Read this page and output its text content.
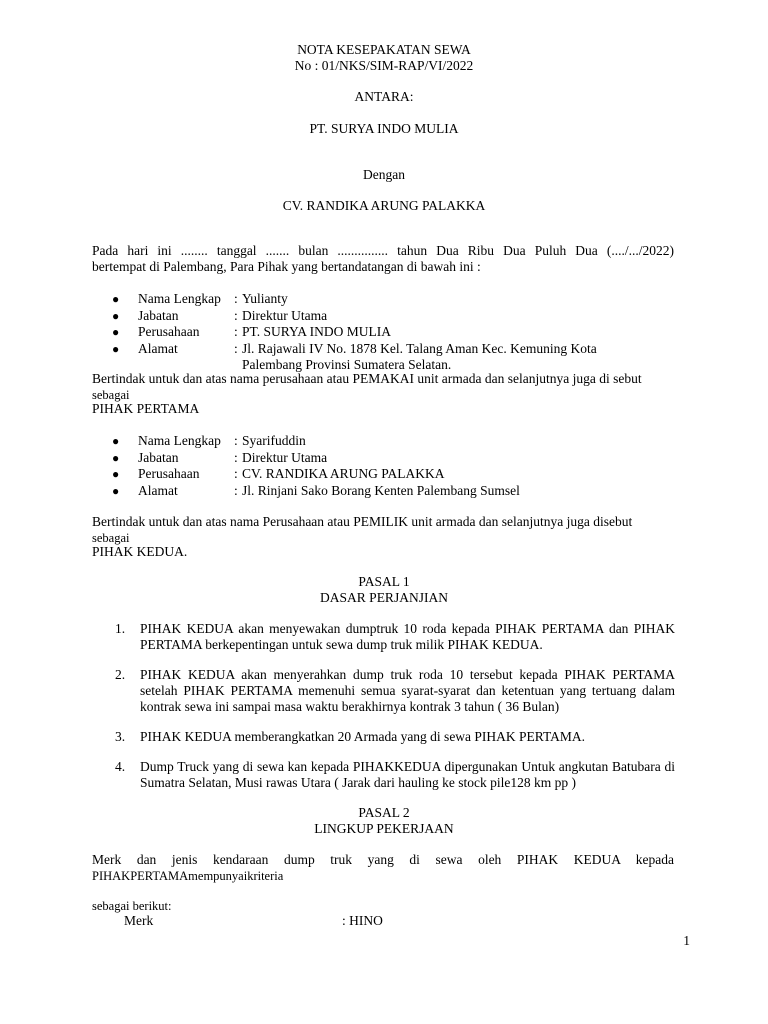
NOTA KESEPAKATAN SEWA
No : 01/NKS/SIM-RAP/VI/2022
ANTARA:
PT. SURYA INDO MULIA
Dengan
CV. RANDIKA ARUNG PALAKKA
Pada hari ini ........ tanggal ....... bulan ............... tahun Dua Ribu Dua Puluh Dua (..../.../2022)
bertempat di Palembang, Para Pihak yang bertandatangan di bawah ini :
●	Nama Lengkap : Yulianty
●	Jabatan	: Direktur Utama
●	Perusahaan	: PT. SURYA INDO MULIA
●	Alamat	: Jl. Rajawali IV No. 1878 Kel. Talang Aman Kec. Kemuning Kota Palembang Provinsi Sumatera Selatan.
Bertindak untuk dan atas nama perusahaan atau PEMAKAI unit armada dan selanjutnya juga di sebut
sebagai
PIHAK PERTAMA
●	Nama Lengkap : Syarifuddin
●	Jabatan	: Direktur Utama
●	Perusahaan	: CV. RANDIKA ARUNG PALAKKA
●	Alamat	: Jl. Rinjani Sako Borang Kenten Palembang Sumsel
Bertindak untuk dan atas nama Perusahaan atau PEMILIK unit armada dan selanjutnya juga disebut
sebagai
PIHAK KEDUA.
PASAL 1
DASAR PERJANJIAN
1.	PIHAK KEDUA akan menyewakan dumptruk 10 roda kepada PIHAK PERTAMA dan PIHAK PERTAMA berkepentingan untuk sewa dump truk milik PIHAK KEDUA.
2.	PIHAK KEDUA akan menyerahkan dump truk roda 10 tersebut kepada PIHAK PERTAMA setelah PIHAK PERTAMA memenuhi semua syarat-syarat dan ketentuan yang tertuang dalam kontrak sewa ini sampai masa waktu berakhirnya kontrak 3 tahun ( 36 Bulan)
3.	PIHAK KEDUA memberangkatkan 20 Armada yang di sewa PIHAK PERTAMA.
4.	Dump Truck yang di sewa kan kepada PIHAKKEDUA dipergunakan Untuk angkutan Batubara di Sumatra Selatan, Musi rawas Utara ( Jarak dari hauling ke stock pile128 km pp )
PASAL 2
LINGKUP PEKERJAAN
Merk dan jenis kendaraan dump truk yang di sewa oleh PIHAK KEDUA kepada
PIHAKPERTAMAmempunyaikriteria
sebagai berikut:
Merk	: HINO
1
